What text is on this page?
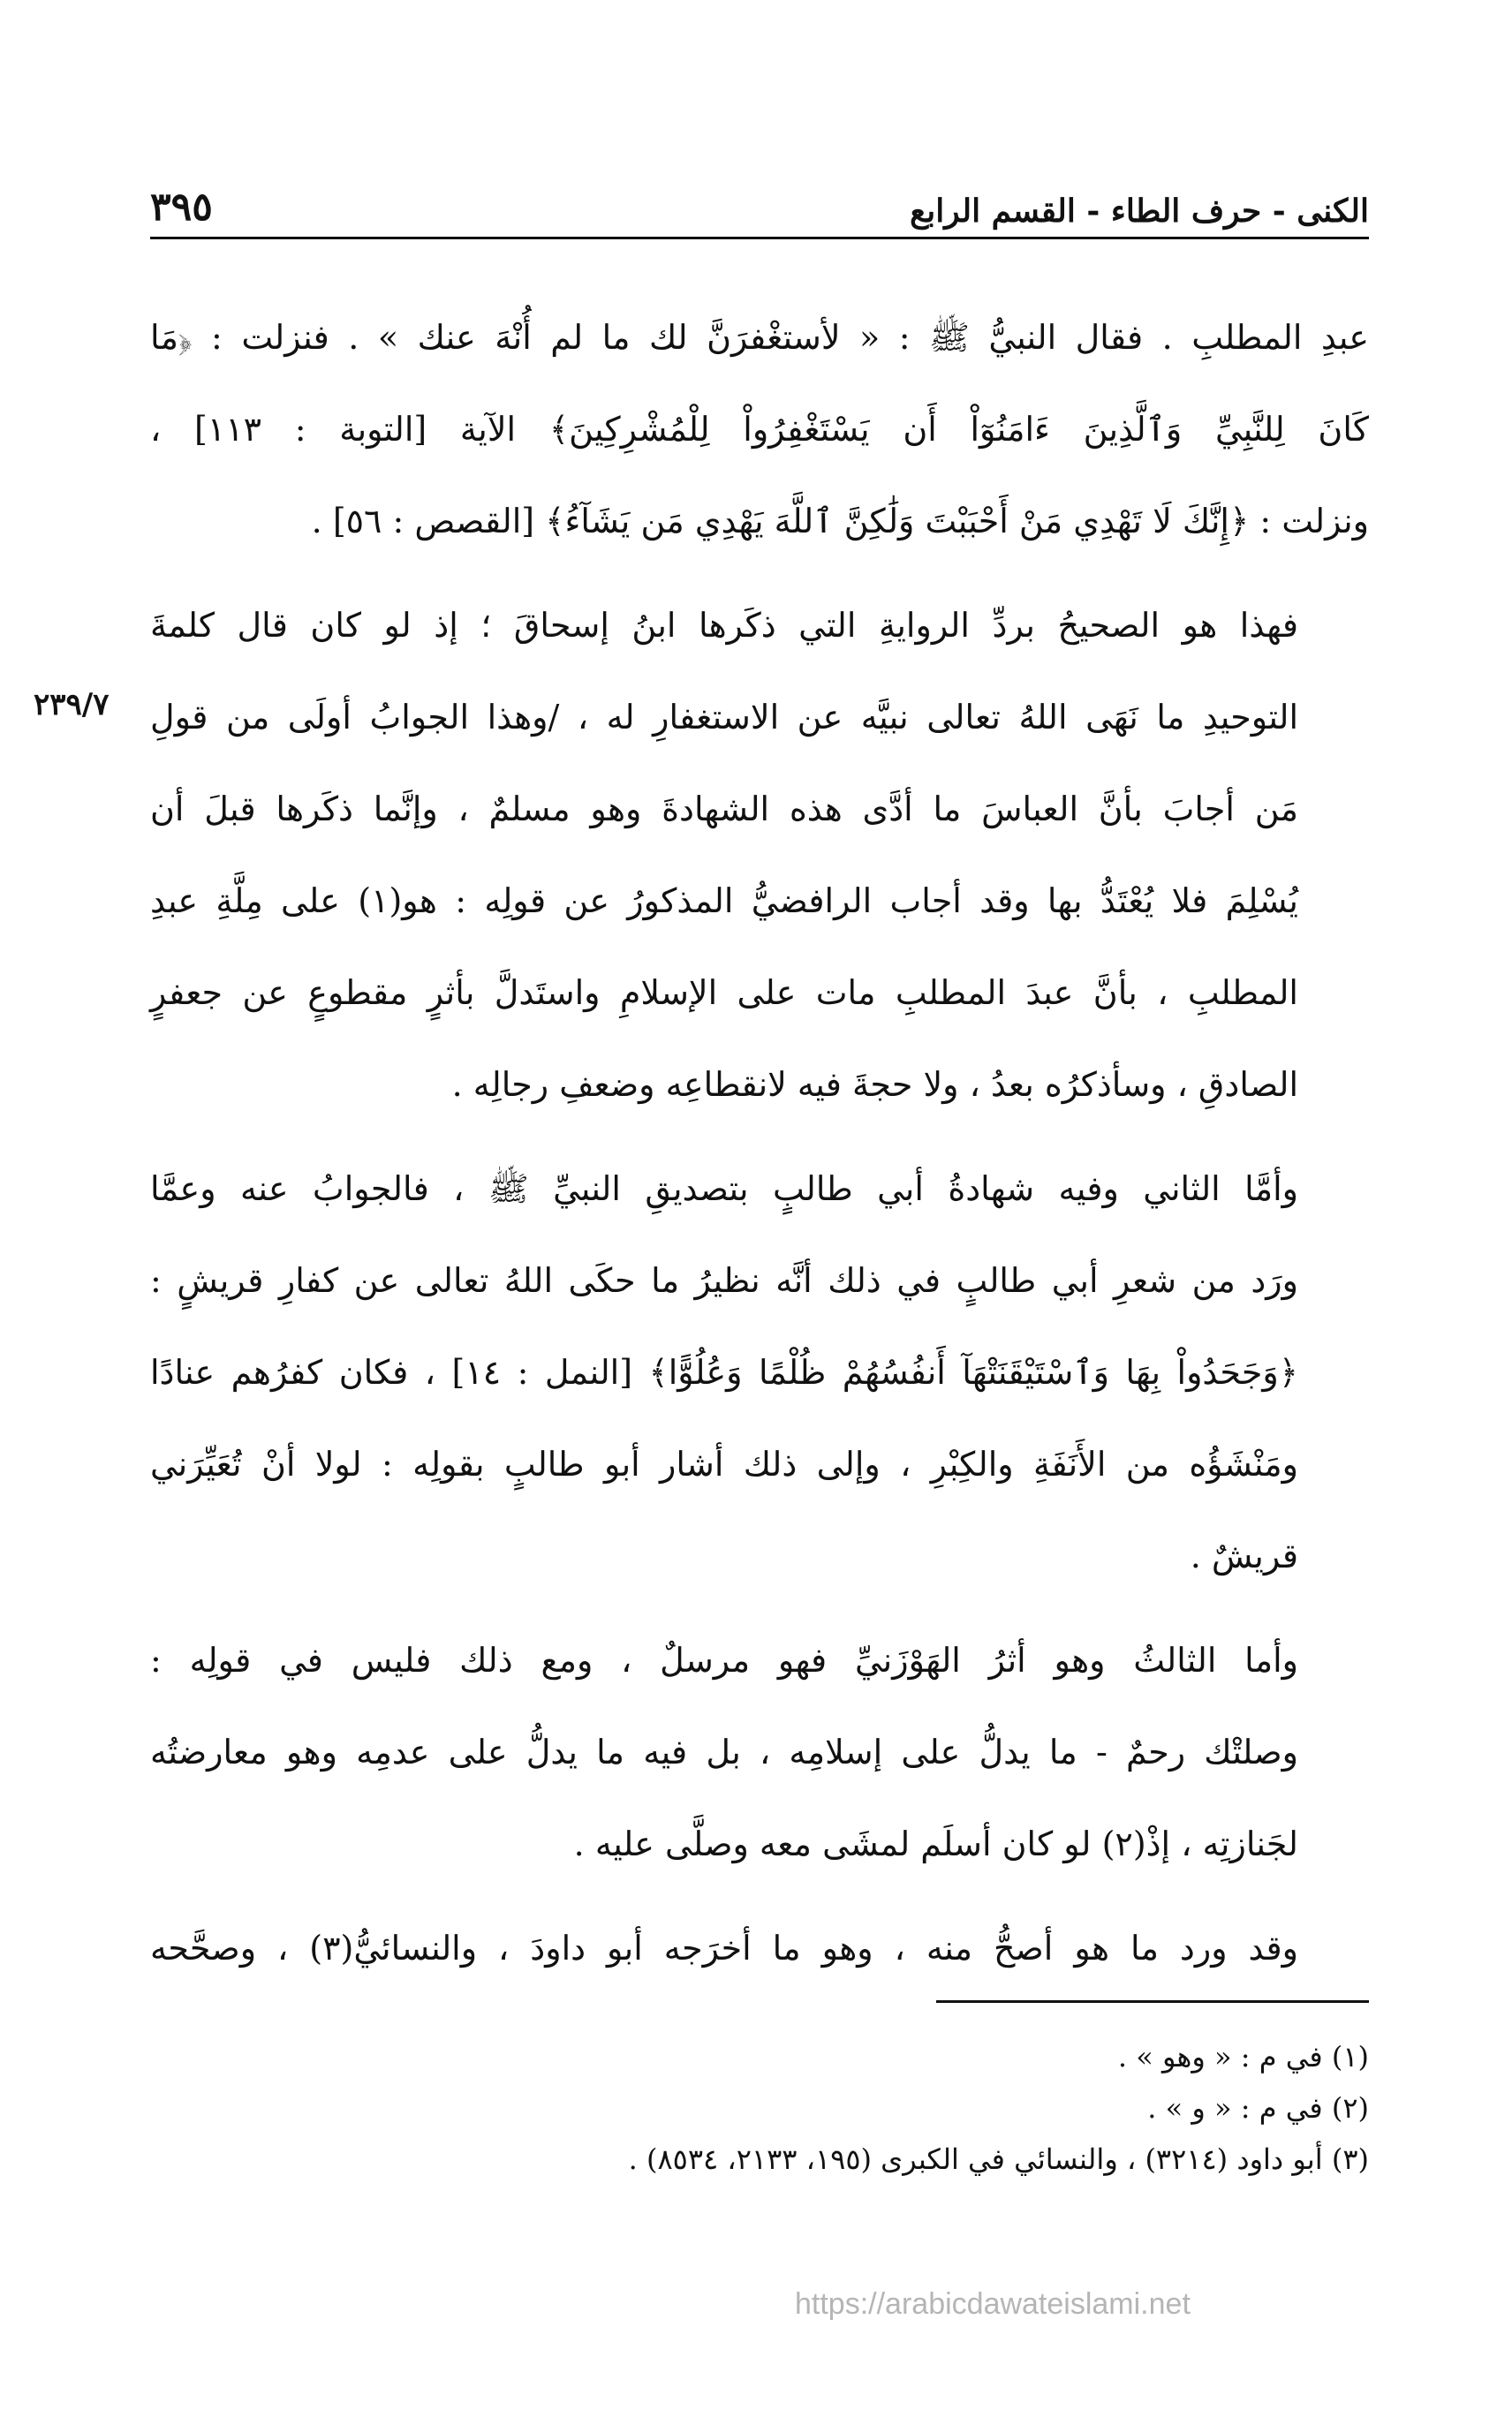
٣٩٥	الكنى - حرف الطاء - القسم الرابع
٢٣٩/٧

عبدِ المطلبِ . فقال النبيُّ ﷺ : « لأستغْفرَنَّ لك ما لم أُنْهَ عنك » . فنزلت : ﴿مَا
كَانَ لِلنَّبِيِّ وَٱلَّذِينَ ءَامَنُوٓاْ أَن يَسْتَغْفِرُواْ لِلْمُشْرِكِينَ﴾ الآية [التوبة : ١١٣] ،
ونزلت : ﴿إِنَّكَ لَا تَهْدِي مَنْ أَحْبَبْتَ وَلَٰكِنَّ ٱللَّهَ يَهْدِي مَن يَشَآءُ﴾ [القصص : ٥٦] .

فهذا هو الصحيحُ بردِّ الروايةِ التي ذكَرها ابنُ إسحاقَ ؛ إذ لو كان قال كلمةَ
التوحيدِ ما نَهَى اللهُ تعالى نبيَّه عن الاستغفارِ له ، /وهذا الجوابُ أولَى من قولِ
مَن أجابَ بأنَّ العباسَ ما أدَّى هذه الشهادةَ وهو مسلمٌ ، وإنَّما ذكَرها قبلَ أن
يُسْلِمَ فلا يُعْتَدُّ بها وقد أجاب الرافضيُّ المذكورُ عن قولِه : هو(١) على مِلَّةِ عبدِ
المطلبِ ، بأنَّ عبدَ المطلبِ مات على الإسلامِ واستَدلَّ بأثرٍ مقطوعٍ عن جعفرٍ
الصادقِ ، وسأذكرُه بعدُ ، ولا حجةَ فيه لانقطاعِه وضعفِ رجالِه .

وأمَّا الثاني وفيه شهادةُ أبي طالبٍ بتصديقِ النبيِّ ﷺ ، فالجوابُ عنه وعمَّا
ورَد من شعرِ أبي طالبٍ في ذلك أنَّه نظيرُ ما حكَى اللهُ تعالى عن كفارِ قريشٍ :
﴿وَجَحَدُواْ بِهَا وَٱسْتَيْقَنَتْهَآ أَنفُسُهُمْ ظُلْمًا وَعُلُوًّا﴾ [النمل : ١٤] ، فكان كفرُهم عنادًا
ومَنْشَؤُه من الأَنَفَةِ والكِبْرِ ، وإلى ذلك أشار أبو طالبٍ بقولِه : لولا أنْ تُعَيِّرَني
قريشٌ .

وأما الثالثُ وهو أثرُ الهَوْزَنيِّ فهو مرسلٌ ، ومع ذلك فليس في قولِه :
وصلتْك رحمٌ - ما يدلُّ على إسلامِه ، بل فيه ما يدلُّ على عدمِه وهو معارضتُه
لجَنازتِه ، إذْ(٢) لو كان أسلَم لمشَى معه وصلَّى عليه .

وقد ورد ما هو أصحُّ منه ، وهو ما أخرَجه أبو داودَ ، والنسائيُّ(٣) ، وصحَّحه

(١) في م : « وهو » .
(٢) في م : « و » .
(٣) أبو داود (٣٢١٤) ، والنسائي في الكبرى (١٩٥، ٢١٣٣، ٨٥٣٤) .
https://arabicdawateislami.net
